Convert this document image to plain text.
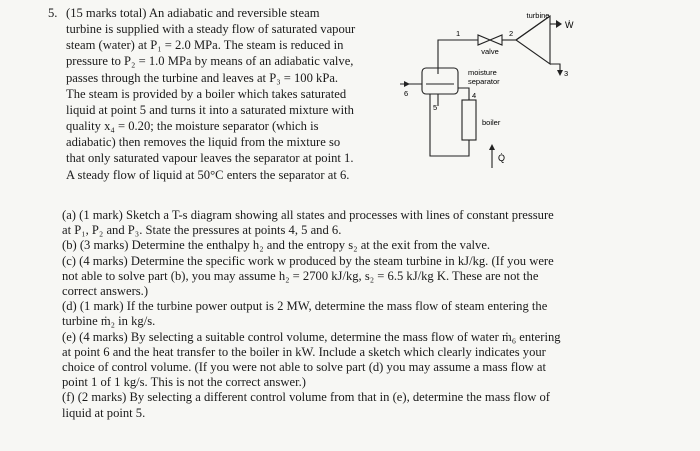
5. (15 marks total) An adiabatic and reversible steam
turbine is supplied with a steady flow of saturated vapour
steam (water) at P₁ = 2.0 MPa. The steam is reduced in
pressure to P₂ = 1.0 MPa by means of an adiabatic valve,
passes through the turbine and leaves at P₃ = 100 kPa.
The steam is provided by a boiler which takes saturated
liquid at point 5 and turns it into a saturated mixture with
quality x₄ = 0.20; the moisture separator (which is
adiabatic) then removes the liquid from the mixture so
that only saturated vapour leaves the separator at point 1.
A steady flow of liquid at 50°C enters the separator at 6.
turbine
Ẇ
valve
moisture
separator
boiler
Q̇
1	2
3
4
5
6
(a) (1 mark) Sketch a T-s diagram showing all states and processes with lines of constant pressure
at P₁, P₂ and P₃. State the pressures at points 4, 5 and 6.
(b) (3 marks) Determine the enthalpy h₂ and the entropy s₂ at the exit from the valve.
(c) (4 marks) Determine the specific work w produced by the steam turbine in kJ/kg. (If you were
not able to solve part (b), you may assume h₂ = 2700 kJ/kg, s₂ = 6.5 kJ/kg K. These are not the
correct answers.)
(d) (1 mark) If the turbine power output is 2 MW, determine the mass flow of steam entering the
turbine ṁ₂ in kg/s.
(e) (4 marks) By selecting a suitable control volume, determine the mass flow of water ṁ₆ entering
at point 6 and the heat transfer to the boiler in kW. Include a sketch which clearly indicates your
choice of control volume. (If you were not able to solve part (d) you may assume a mass flow at
point 1 of 1 kg/s. This is not the correct answer.)
(f) (2 marks) By selecting a different control volume from that in (e), determine the mass flow of
liquid at point 5.
